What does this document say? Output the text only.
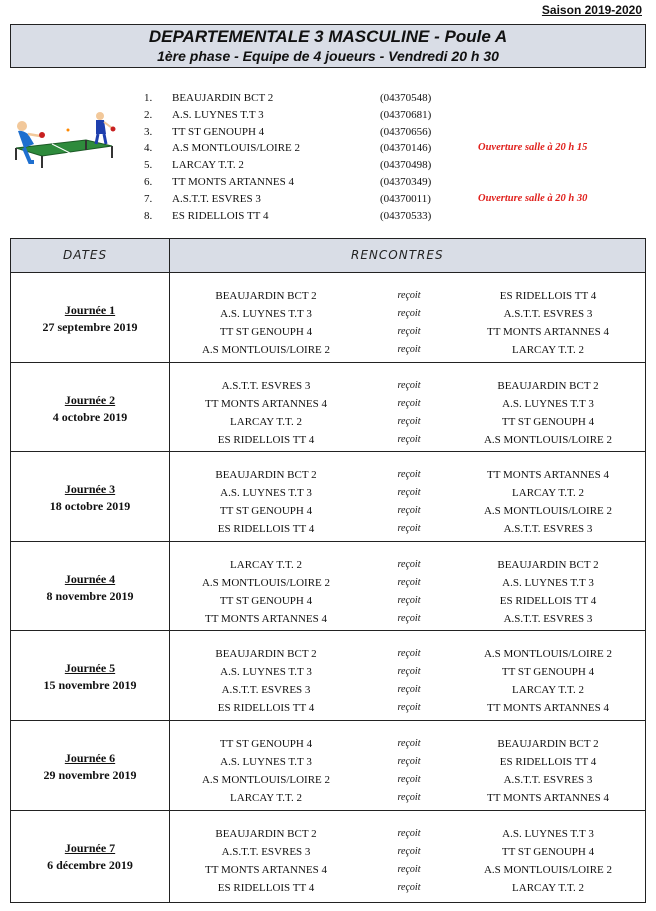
Saison 2019-2020
DEPARTEMENTALE 3 MASCULINE - Poule A
1ère phase - Equipe de 4 joueurs - Vendredi 20 h 30
1. BEAUJARDIN BCT 2	(04370548)
2. A.S. LUYNES T.T 3	(04370681)
3. TT ST GENOUPH 4	(04370656)
4. A.S MONTLOUIS/LOIRE 2	(04370146)	Ouverture salle à 20 h 15
5. LARCAY T.T. 2	(04370498)
6. TT MONTS ARTANNES 4	(04370349)
7. A.S.T.T. ESVRES 3	(04370011)	Ouverture salle à 20 h 30
8. ES RIDELLOIS TT 4	(04370533)
DATES	RENCONTRES
Journée 1
27 septembre 2019
BEAUJARDIN BCT 2	reçoit	ES RIDELLOIS TT 4
A.S. LUYNES T.T 3	reçoit	A.S.T.T. ESVRES 3
TT ST GENOUPH 4	reçoit	TT MONTS ARTANNES 4
A.S MONTLOUIS/LOIRE 2	reçoit	LARCAY T.T. 2
Journée 2
4 octobre 2019
A.S.T.T. ESVRES 3	reçoit	BEAUJARDIN BCT 2
TT MONTS ARTANNES 4	reçoit	A.S. LUYNES T.T 3
LARCAY T.T. 2	reçoit	TT ST GENOUPH 4
ES RIDELLOIS TT 4	reçoit	A.S MONTLOUIS/LOIRE 2
Journée 3
18 octobre 2019
BEAUJARDIN BCT 2	reçoit	TT MONTS ARTANNES 4
A.S. LUYNES T.T 3	reçoit	LARCAY T.T. 2
TT ST GENOUPH 4	reçoit	A.S MONTLOUIS/LOIRE 2
ES RIDELLOIS TT 4	reçoit	A.S.T.T. ESVRES 3
Journée 4
8 novembre 2019
LARCAY T.T. 2	reçoit	BEAUJARDIN BCT 2
A.S MONTLOUIS/LOIRE 2	reçoit	A.S. LUYNES T.T 3
TT ST GENOUPH 4	reçoit	ES RIDELLOIS TT 4
TT MONTS ARTANNES 4	reçoit	A.S.T.T. ESVRES 3
Journée 5
15 novembre 2019
BEAUJARDIN BCT 2	reçoit	A.S MONTLOUIS/LOIRE 2
A.S. LUYNES T.T 3	reçoit	TT ST GENOUPH 4
A.S.T.T. ESVRES 3	reçoit	LARCAY T.T. 2
ES RIDELLOIS TT 4	reçoit	TT MONTS ARTANNES 4
Journée 6
29 novembre 2019
TT ST GENOUPH 4	reçoit	BEAUJARDIN BCT 2
A.S. LUYNES T.T 3	reçoit	ES RIDELLOIS TT 4
A.S MONTLOUIS/LOIRE 2	reçoit	A.S.T.T. ESVRES 3
LARCAY T.T. 2	reçoit	TT MONTS ARTANNES 4
Journée 7
6 décembre 2019
BEAUJARDIN BCT 2	reçoit	A.S. LUYNES T.T 3
A.S.T.T. ESVRES 3	reçoit	TT ST GENOUPH 4
TT MONTS ARTANNES 4	reçoit	A.S MONTLOUIS/LOIRE 2
ES RIDELLOIS TT 4	reçoit	LARCAY T.T. 2
